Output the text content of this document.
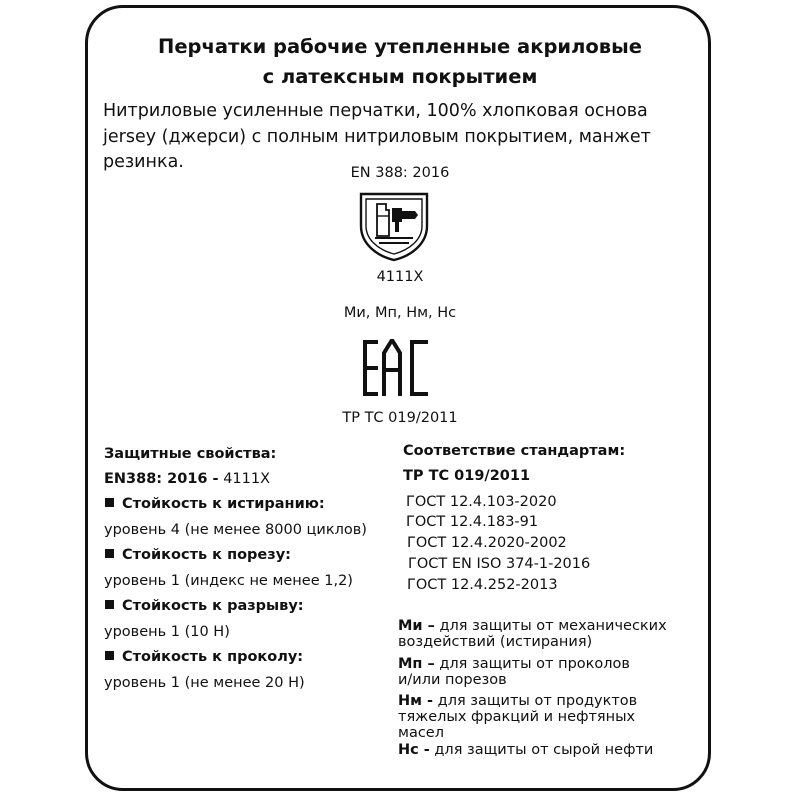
Перчатки рабочие утепленные акриловые
с латексным покрытием
Нитриловые усиленные перчатки, 100% хлопковая основа
jersey (джерси) с полным нитриловым покрытием, манжет
резинка.
EN 388: 2016
4111X
Ми, Мп, Нм, Нс
ТР ТС 019/2011
Защитные свойства:
EN388: 2016 - 4111X
Стойкость к истиранию:
уровень 4 (не менее 8000 циклов)
Стойкость к порезу:
уровень 1 (индекс не менее 1,2)
Стойкость к разрыву:
уровень 1 (10 Н)
Стойкость к проколу:
уровень 1 (не менее 20 Н)
Соответствие стандартам:
ТР ТС 019/2011
ГОСТ 12.4.103-2020
ГОСТ 12.4.183-91
ГОСТ 12.4.2020-2002
ГОСТ EN ISO 374-1-2016
ГОСТ 12.4.252-2013
Ми – для защиты от механических
воздействий (истирания)
Мп – для защиты от проколов
и/или порезов
Нм - для защиты от продуктов
тяжелых фракций и нефтяных
масел
Нс - для защиты от сырой нефти
